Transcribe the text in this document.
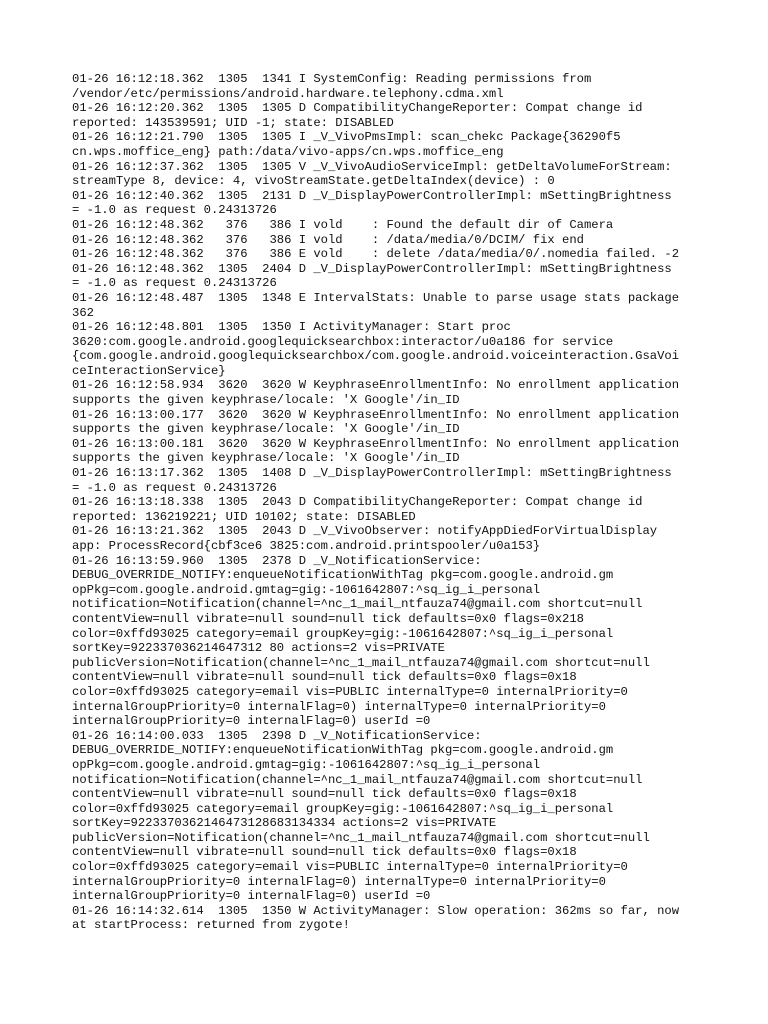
01-26 16:12:18.362  1305  1341 I SystemConfig: Reading permissions from
/vendor/etc/permissions/android.hardware.telephony.cdma.xml
01-26 16:12:20.362  1305  1305 D CompatibilityChangeReporter: Compat change id
reported: 143539591; UID -1; state: DISABLED
01-26 16:12:21.790  1305  1305 I _V_VivoPmsImpl: scan_chekc Package{36290f5
cn.wps.moffice_eng} path:/data/vivo-apps/cn.wps.moffice_eng
01-26 16:12:37.362  1305  1305 V _V_VivoAudioServiceImpl: getDeltaVolumeForStream:
streamType 8, device: 4, vivoStreamState.getDeltaIndex(device) : 0
01-26 16:12:40.362  1305  2131 D _V_DisplayPowerControllerImpl: mSettingBrightness
= -1.0 as request 0.24313726
01-26 16:12:48.362   376   386 I vold    : Found the default dir of Camera
01-26 16:12:48.362   376   386 I vold    : /data/media/0/DCIM/ fix end
01-26 16:12:48.362   376   386 E vold    : delete /data/media/0/.nomedia failed. -2
01-26 16:12:48.362  1305  2404 D _V_DisplayPowerControllerImpl: mSettingBrightness
= -1.0 as request 0.24313726
01-26 16:12:48.487  1305  1348 E IntervalStats: Unable to parse usage stats package
362
01-26 16:12:48.801  1305  1350 I ActivityManager: Start proc
3620:com.google.android.googlequicksearchbox:interactor/u0a186 for service
{com.google.android.googlequicksearchbox/com.google.android.voiceinteraction.GsaVoi
ceInteractionService}
01-26 16:12:58.934  3620  3620 W KeyphraseEnrollmentInfo: No enrollment application
supports the given keyphrase/locale: 'X Google'/in_ID
01-26 16:13:00.177  3620  3620 W KeyphraseEnrollmentInfo: No enrollment application
supports the given keyphrase/locale: 'X Google'/in_ID
01-26 16:13:00.181  3620  3620 W KeyphraseEnrollmentInfo: No enrollment application
supports the given keyphrase/locale: 'X Google'/in_ID
01-26 16:13:17.362  1305  1408 D _V_DisplayPowerControllerImpl: mSettingBrightness
= -1.0 as request 0.24313726
01-26 16:13:18.338  1305  2043 D CompatibilityChangeReporter: Compat change id
reported: 136219221; UID 10102; state: DISABLED
01-26 16:13:21.362  1305  2043 D _V_VivoObserver: notifyAppDiedForVirtualDisplay
app: ProcessRecord{cbf3ce6 3825:com.android.printspooler/u0a153}
01-26 16:13:59.960  1305  2378 D _V_NotificationService:
DEBUG_OVERRIDE_NOTIFY:enqueueNotificationWithTag pkg=com.google.android.gm
opPkg=com.google.android.gmtag=gig:-1061642807:^sq_ig_i_personal
notification=Notification(channel=^nc_1_mail_ntfauza74@gmail.com shortcut=null
contentView=null vibrate=null sound=null tick defaults=0x0 flags=0x218
color=0xffd93025 category=email groupKey=gig:-1061642807:^sq_ig_i_personal
sortKey=922337036214647312 80 actions=2 vis=PRIVATE
publicVersion=Notification(channel=^nc_1_mail_ntfauza74@gmail.com shortcut=null
contentView=null vibrate=null sound=null tick defaults=0x0 flags=0x18
color=0xffd93025 category=email vis=PUBLIC internalType=0 internalPriority=0
internalGroupPriority=0 internalFlag=0) internalType=0 internalPriority=0
internalGroupPriority=0 internalFlag=0) userId =0
01-26 16:14:00.033  1305  2398 D _V_NotificationService:
DEBUG_OVERRIDE_NOTIFY:enqueueNotificationWithTag pkg=com.google.android.gm
opPkg=com.google.android.gmtag=gig:-1061642807:^sq_ig_i_personal
notification=Notification(channel=^nc_1_mail_ntfauza74@gmail.com shortcut=null
contentView=null vibrate=null sound=null tick defaults=0x0 flags=0x18
color=0xffd93025 category=email groupKey=gig:-1061642807:^sq_ig_i_personal
sortKey=9223370362146473128683134334 actions=2 vis=PRIVATE
publicVersion=Notification(channel=^nc_1_mail_ntfauza74@gmail.com shortcut=null
contentView=null vibrate=null sound=null tick defaults=0x0 flags=0x18
color=0xffd93025 category=email vis=PUBLIC internalType=0 internalPriority=0
internalGroupPriority=0 internalFlag=0) internalType=0 internalPriority=0
internalGroupPriority=0 internalFlag=0) userId =0
01-26 16:14:32.614  1305  1350 W ActivityManager: Slow operation: 362ms so far, now
at startProcess: returned from zygote!
